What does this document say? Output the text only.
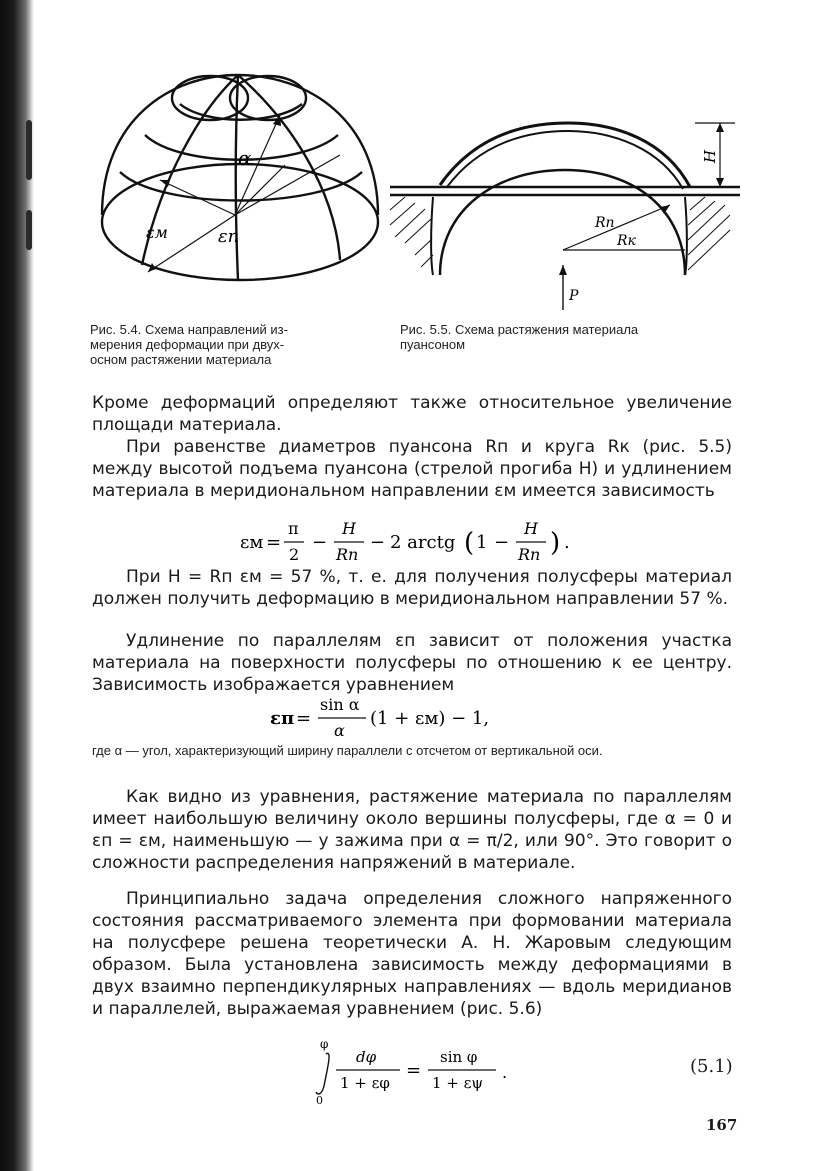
α
εм	εn
Рис. 5.4. Схема направлений из-
мерения деформации при двух-
осном растяжении материала
H
Rп
Rк
P
Рис. 5.5. Схема растяжения материала
пуансоном
Кроме деформаций определяют также относительное увеличение площади материала.
При равенстве диаметров пуансона Rп и круга Rк (рис. 5.5) между высотой подъема пуансона (стрелой прогиба H) и удлинением материала в меридиональном направлении εм имеется зависимость
εм =
π
2
−
H
Rп
− 2 arctg ( 1 −
H
Rп ) .
При H = Rп εм = 57 %, т. е. для получения полусферы материал должен получить деформацию в меридиональном направлении 57 %.
Удлинение по параллелям εп зависит от положения участка материала на поверхности полусферы по отношению к ее центру. Зависимость изображается уравнением
εп =
sin α
α
(1 + εм) − 1,
где α — угол, характеризующий ширину параллели с отсчетом от вертикальной оси.
Как видно из уравнения, растяжение материала по параллелям имеет наибольшую величину около вершины полусферы, где α = 0 и εп = εм, наименьшую — у зажима при α = π/2, или 90°. Это говорит о сложности распределения напряжений в материале.
Принципиально задача определения сложного напряженного состояния рассматриваемого элемента при формовании материала на полусфере решена теоретически А. Н. Жаровым следующим образом. Была установлена зависимость между деформациями в двух взаимно перпендикулярных направлениях — вдоль меридианов и параллелей, выражаемая уравнением (рис. 5.6)
φ
0
dφ
1 + εφ
=
sin φ
1 + εψ
.	(5.1)
167
